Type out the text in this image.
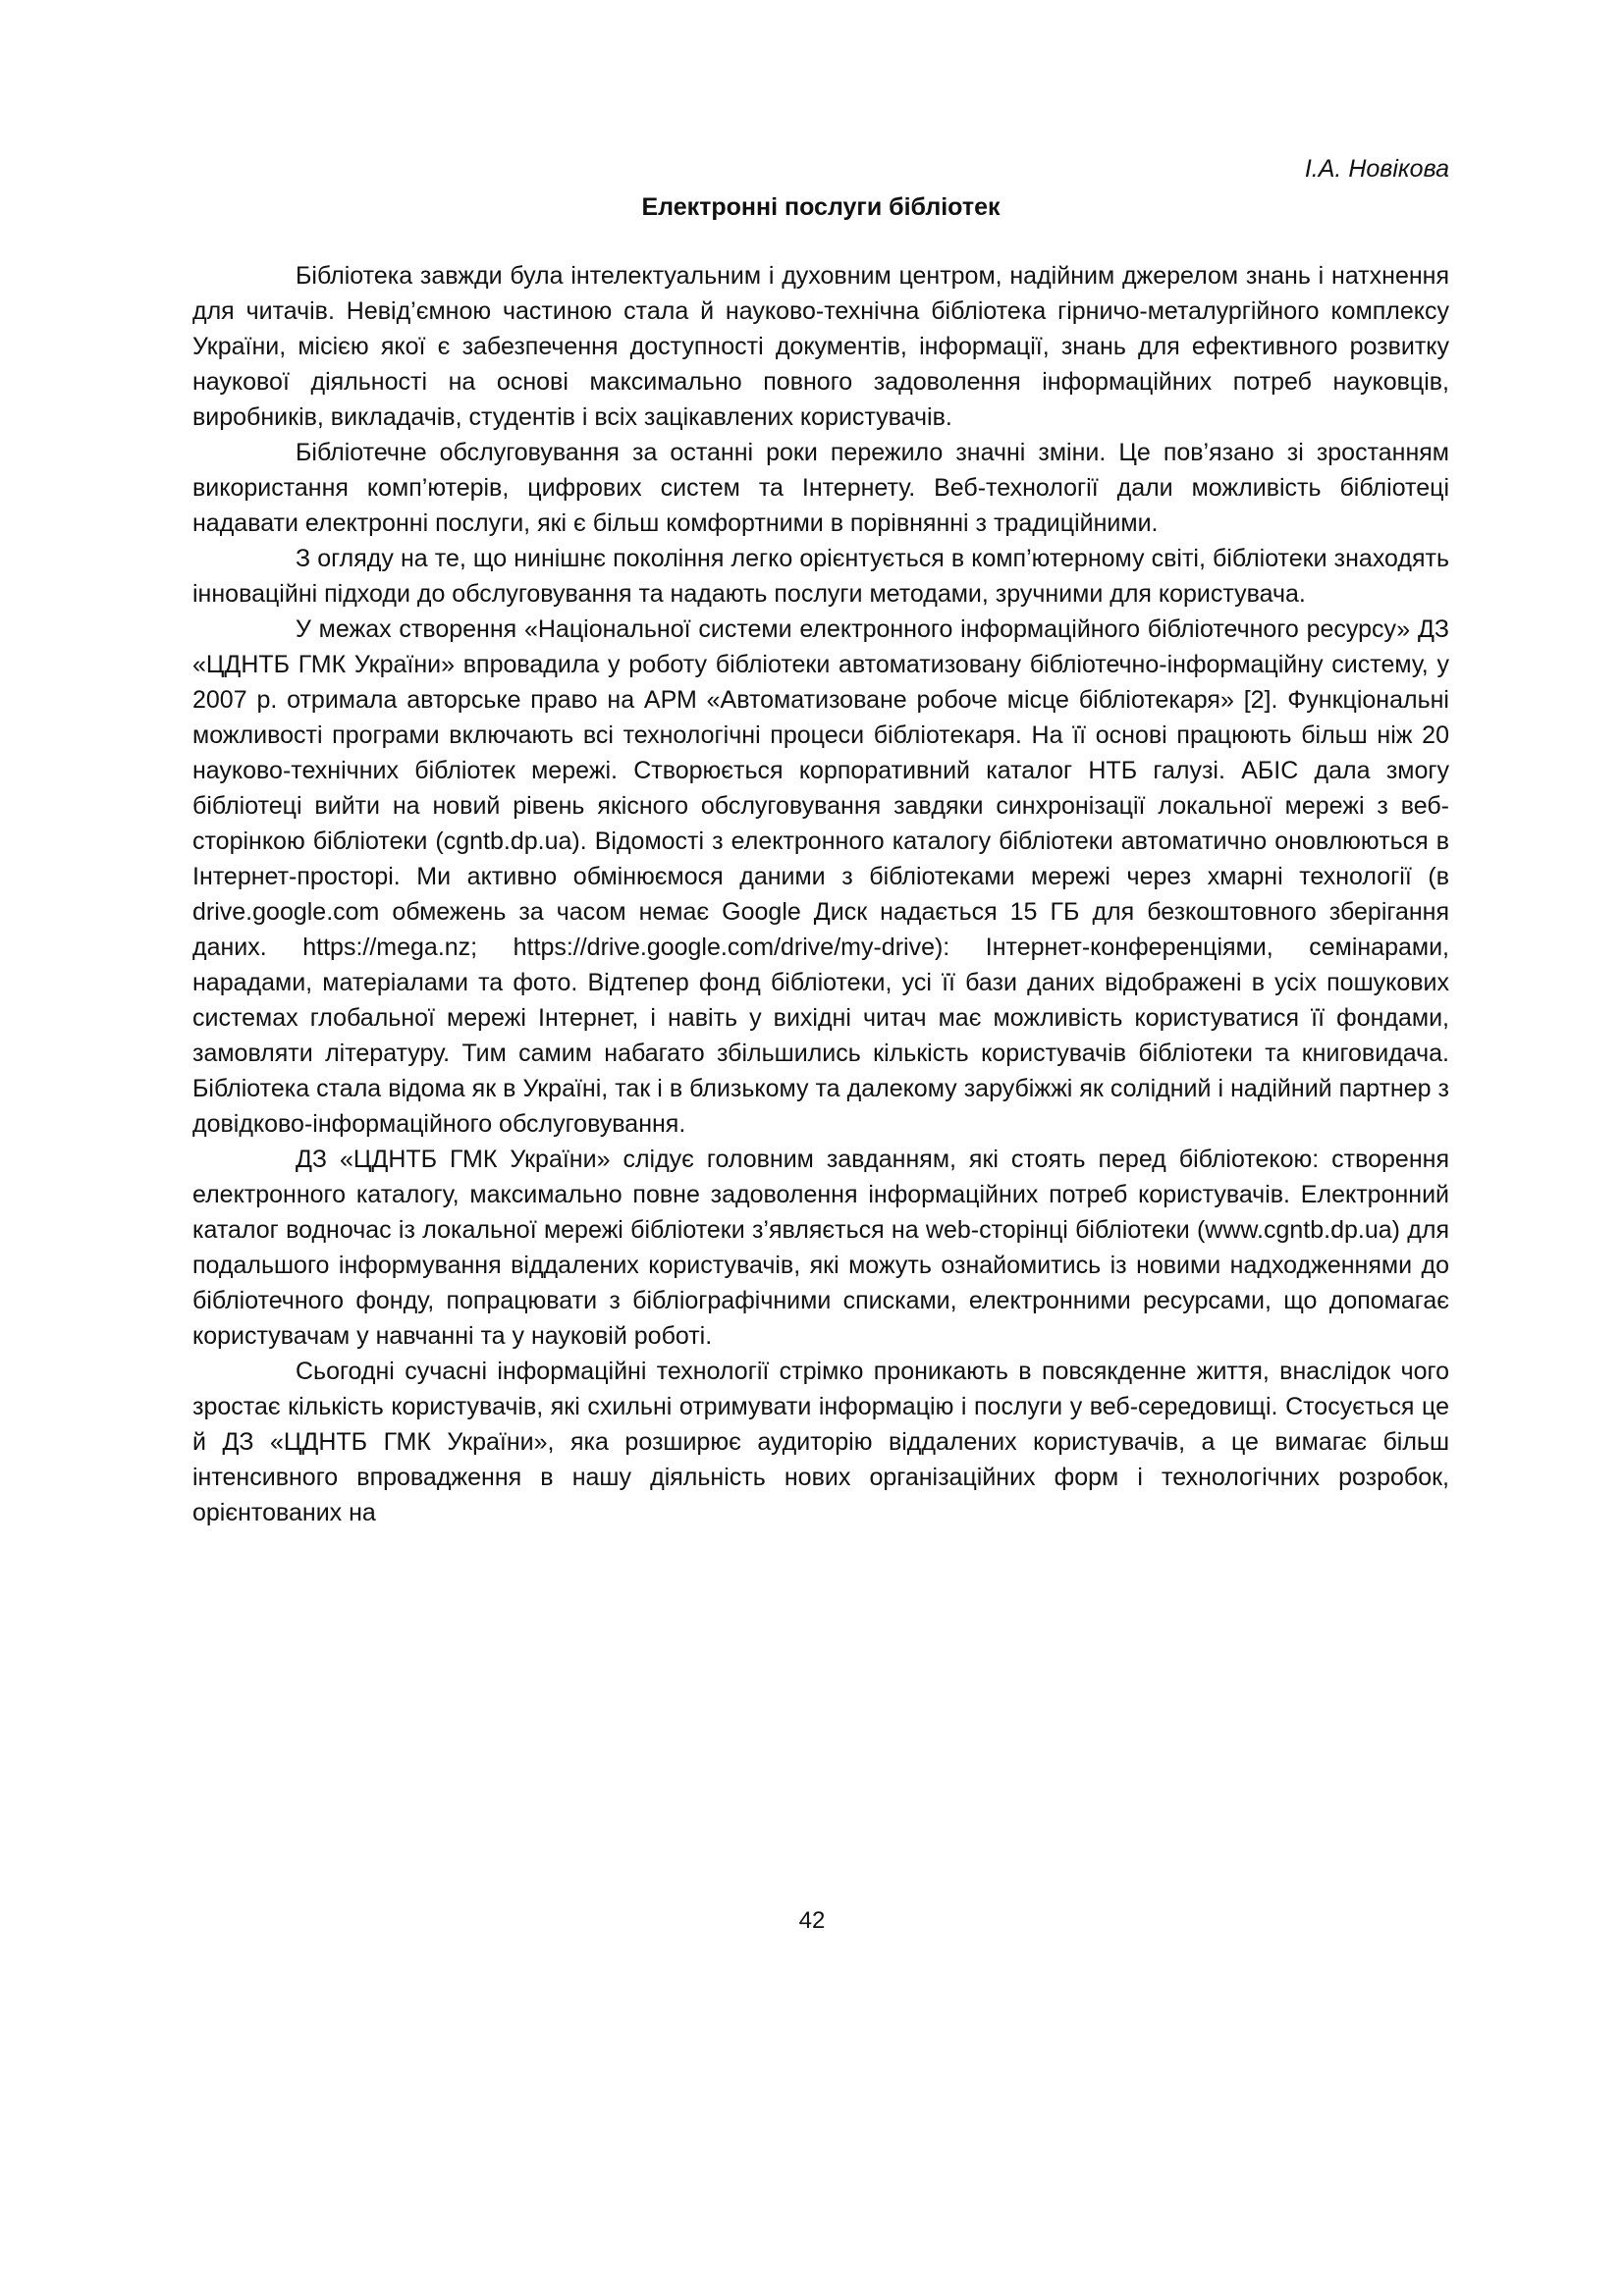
І.А. Новікова

Електронні послуги бібліотек

Бібліотека завжди була інтелектуальним і духовним центром, надійним джерелом знань і натхнення для читачів. Невід’ємною частиною стала й науково-технічна бібліотека гірничо-металургійного комплексу України, місією якої є забезпечення доступності документів, інформації, знань для ефективного розвитку наукової діяльності на основі максимально повного задоволення інформаційних потреб науковців, виробників, викладачів, студентів і всіх зацікавлених користувачів.

Бібліотечне обслуговування за останні роки пережило значні зміни. Це пов’язано зі зростанням використання комп’ютерів, цифрових систем та Інтернету. Веб-технології дали можливість бібліотеці надавати електронні послуги, які є більш комфортними в порівнянні з традиційними.

З огляду на те, що нинішнє покоління легко орієнтується в комп’ютерному світі, бібліотеки знаходять інноваційні підходи до обслуговування та надають послуги методами, зручними для користувача.

У межах створення «Національної системи електронного інформаційного бібліотечного ресурсу» ДЗ «ЦДНТБ ГМК України» впровадила у роботу бібліотеки автоматизовану бібліотечно-інформаційну систему, у 2007 р. отримала авторське право на АРМ «Автоматизоване робоче місце бібліотекаря» [2]. Функціональні можливості програми включають всі технологічні процеси бібліотекаря. На її основі працюють більш ніж 20 науково-технічних бібліотек мережі. Створюється корпоративний каталог НТБ галузі. АБІС дала змогу бібліотеці вийти на новий рівень якісного обслуговування завдяки синхронізації локальної мережі з веб-сторінкою бібліотеки (cgntb.dp.ua). Відомості з електронного каталогу бібліотеки автоматично оновлюються в Інтернет-просторі. Ми активно обмінюємося даними з бібліотеками мережі через хмарні технології (в drive.google.com обмежень за часом немає Google Диск надається 15 ГБ для безкоштовного зберігання даних. https://mega.nz; https://drive.google.com/drive/my-drive): Інтернет-конференціями, семінарами, нарадами, матеріалами та фото. Відтепер фонд бібліотеки, усі її бази даних відображені в усіх пошукових системах глобальної мережі Інтернет, і навіть у вихідні читач має можливість користуватися її фондами, замовляти літературу. Тим самим набагато збільшились кількість користувачів бібліотеки та книговидача. Бібліотека стала відома як в Україні, так і в близькому та далекому зарубіжжі як солідний і надійний партнер з довідково-інформаційного обслуговування.

ДЗ «ЦДНТБ ГМК України» слідує головним завданням, які стоять перед бібліотекою: створення електронного каталогу, максимально повне задоволення інформаційних потреб користувачів. Електронний каталог водночас із локальної мережі бібліотеки з’являється на web-сторінці бібліотеки (www.cgntb.dp.ua) для подальшого інформування віддалених користувачів, які можуть ознайомитись із новими надходженнями до бібліотечного фонду, попрацювати з бібліографічними списками, електронними ресурсами, що допомагає користувачам у навчанні та у науковій роботі.

Сьогодні сучасні інформаційні технології стрімко проникають в повсякденне життя, внаслідок чого зростає кількість користувачів, які схильні отримувати інформацію і послуги у веб-середовищі. Стосується це й ДЗ «ЦДНТБ ГМК України», яка розширює аудиторію віддалених користувачів, а це вимагає більш інтенсивного впровадження в нашу діяльність нових організаційних форм і технологічних розробок, орієнтованих на

42
